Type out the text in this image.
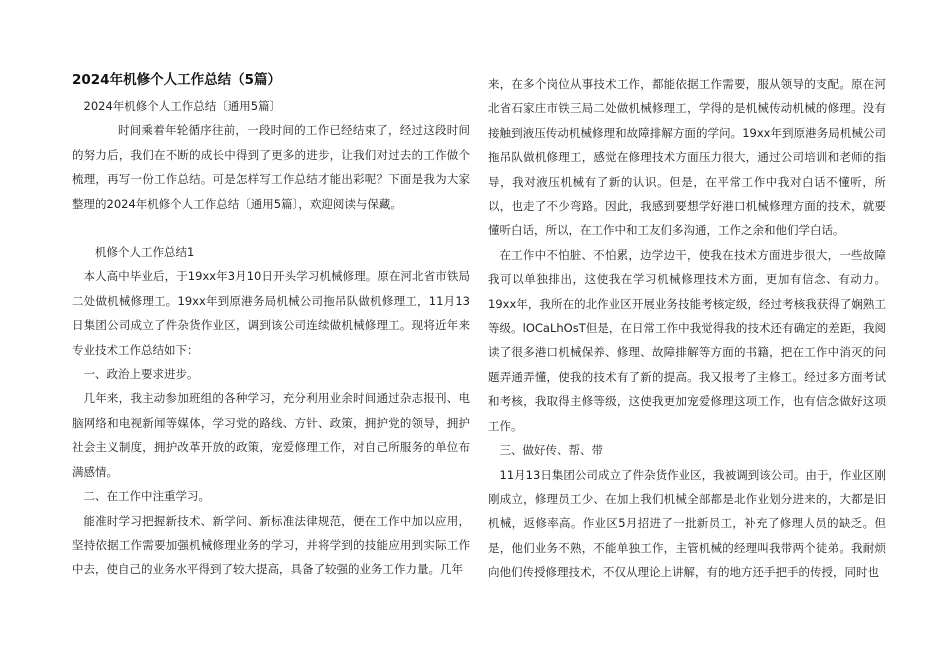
2024年机修个人工作总结（5篇）

2024年机修个人工作总结〔通用5篇〕

时间乘着年轮循序往前，一段时间的工作已经结束了，经过这段时间的努力后，我们在不断的成长中得到了更多的进步，让我们对过去的工作做个梳理，再写一份工作总结。可是怎样写工作总结才能出彩呢？下面是我为大家整理的2024年机修个人工作总结〔通用5篇〕，欢迎阅读与保藏。

机修个人工作总结1

本人高中毕业后，于19xx年3月10日开头学习机械修理。原在河北省市铁局二处做机械修理工。19xx年到原港务局机械公司拖吊队做机修理工，11月13日集团公司成立了件杂货作业区，调到该公司连续做机械修理工。现将近年来专业技术工作总结如下：

一、政治上要求进步。

几年来，我主动参加班组的各种学习，充分利用业余时间通过杂志报刊、电脑网络和电视新闻等媒体，学习党的路线、方针、政策，拥护党的领导，拥护社会主义制度，拥护改革开放的政策，宠爱修理工作，对自己所服务的单位布满感情。

二、在工作中注重学习。

能准时学习把握新技术、新学问、新标准法律规范，便在工作中加以应用，坚持依据工作需要加强机械修理业务的学习，并将学到的技能应用到实际工作中去，使自己的业务水平得到了较大提高，具备了较强的业务工作力量。几年

来，在多个岗位从事技术工作，都能依据工作需要，服从领导的支配。原在河北省石家庄市铁三局二处做机械修理工，学得的是机械传动机械的修理。没有接触到液压传动机械修理和故障排解方面的学问。19xx年到原港务局机械公司拖吊队做机修理工，感觉在修理技术方面压力很大，通过公司培训和老师的指导，我对液压机械有了新的认识。但是，在平常工作中我对白话不懂听，所以，也走了不少弯路。因此，我感到要想学好港口机械修理方面的技术，就要懂听白话，所以，在工作中和工友们多沟通，工作之余和他们学白话。

在工作中不怕脏、不怕累，边学边干，使我在技术方面进步很大，一些故障我可以单独排出，这使我在学习机械修理技术方面，更加有信念、有动力。19xx年，我所在的北作业区开展业务技能考核定级，经过考核我获得了娴熟工等级。lOCaLhOsT但是，在日常工作中我觉得我的技术还有确定的差距，我阅读了很多港口机械保养、修理、故障排解等方面的书籍，把在工作中消灭的问题弄通弄懂，使我的技术有了新的提高。我又报考了主修工。经过多方面考试和考核，我取得主修等级，这使我更加宠爱修理这项工作，也有信念做好这项工作。

三、做好传、帮、带

11月13日集团公司成立了件杂货作业区，我被调到该公司。由于，作业区刚刚成立，修理员工少、在加上我们机械全部都是北作业划分进来的，大都是旧机械，返修率高。作业区5月招进了一批新员工，补充了修理人员的缺乏。但是，他们业务不熟，不能单独工作，主管机械的经理叫我带两个徒弟。我耐烦向他们传授修理技术，不仅从理论上讲解，有的地方还手把手的传授，同时也
